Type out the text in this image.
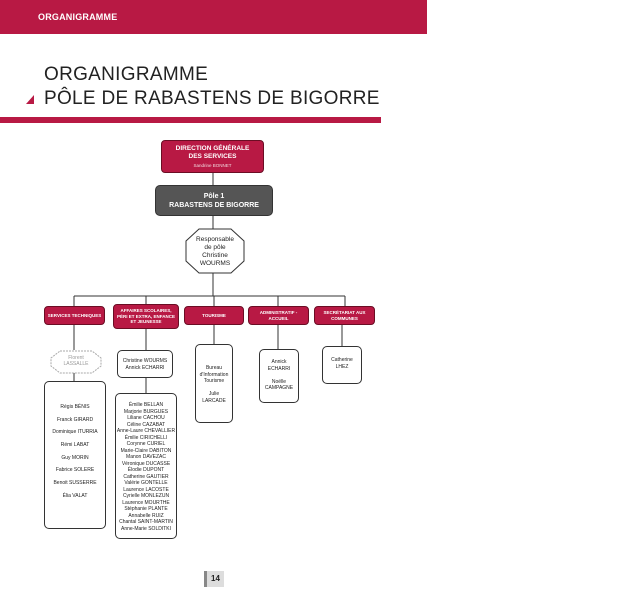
ORGANIGRAMME
ORGANIGRAMME
PÔLE DE RABASTENS DE BIGORRE
DIRECTION GÉNÉRALE
DES SERVICES
Sandrine BONNET
Pôle 1
RABASTENS DE BIGORRE
Responsable
de pôle
Christine
WOURMS
SERVICES TECHNIQUES
AFFAIRES SCOLAIRES, PÉRI ET EXTRA, ENFANCE ET JEUNESSE
TOURISME
ADMINISTRATIF - ACCUEIL
SECRÉTARIAT AUX COMMUNES
Florent
LASSALLE
Régis BÉNIS
Franck GIRARD
Dominique ITURRIA
Rémi LABAT
Guy MORIN
Fabrice SOLERE
Benoit SUSSERRE
Élia VALAT
Christine WOURMS
Annick ECHARRI
Émilie BELLAN
Marjorie BURGUES
Liliane CACHOU
Céline CAZABAT
Anne-Laure CHEVALLIER
Émilie CIRICHELLI
Corynne CURIEL
Marie-Claire DABITON
Manon DAVEZAC
Véronique DUCASSE
Élodie DUPONT
Catherine GAUTIER
Valérie GONTELLE
Laurence LACOSTE
Cyrielle MONLEZUN
Laurence MOURTHE
Stéphanie PLANTE
Annabelle RUIZ
Chantal SAINT-MARTIN
Anne-Marie SOLDITKI
Bureau
d'Information
Tourisme

Julie
LARCADE
Annick
ECHARRI

Noëlle
CAMPAGNE
Catherine
LHEZ
14
